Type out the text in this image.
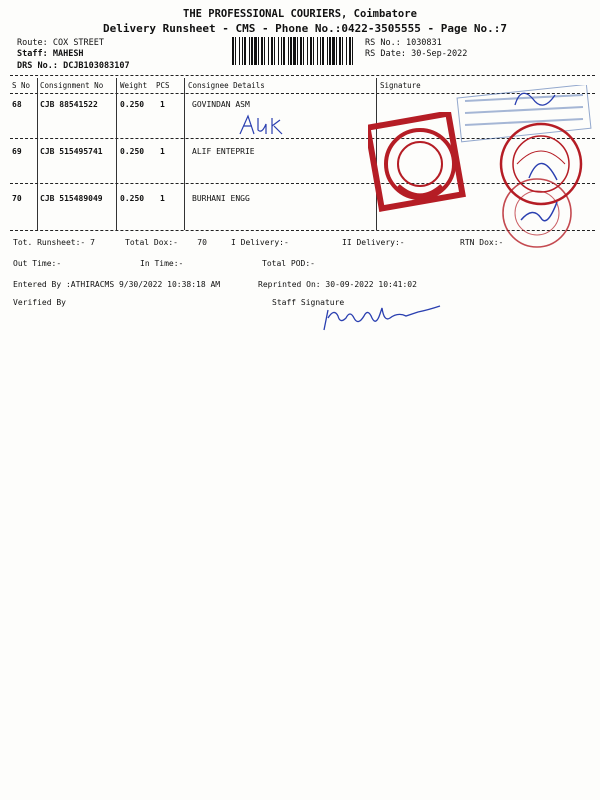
THE PROFESSIONAL COURIERS, Coimbatore
Delivery Runsheet - CMS - Phone No.:0422-3505555 - Page No.:7
Route: COX STREET
Staff: MAHESH
DRS No.: DCJB103083107
RS No.: 1030831
RS Date: 30-Sep-2022
S No Consignment No Weight PCS Consignee Details	Signature
68 CJB 88541522	0.250 1	GOVINDAN ASM
69 CJB 515495741 0.250 1	ALIF ENTEPRIE
70 CJB 515489049 0.250 1	BURHANI ENGG
Tot. Runsheet:- 7	Total Dox:- 70	I Delivery:-	II Delivery:-	RTN Dox:-
Out Time:-	In Time:-	Total POD:-
Entered By :ATHIRACMS 9/30/2022 10:38:18 AM	Reprinted On: 30-09-2022 10:41:02
Verified By	Staff Signature
